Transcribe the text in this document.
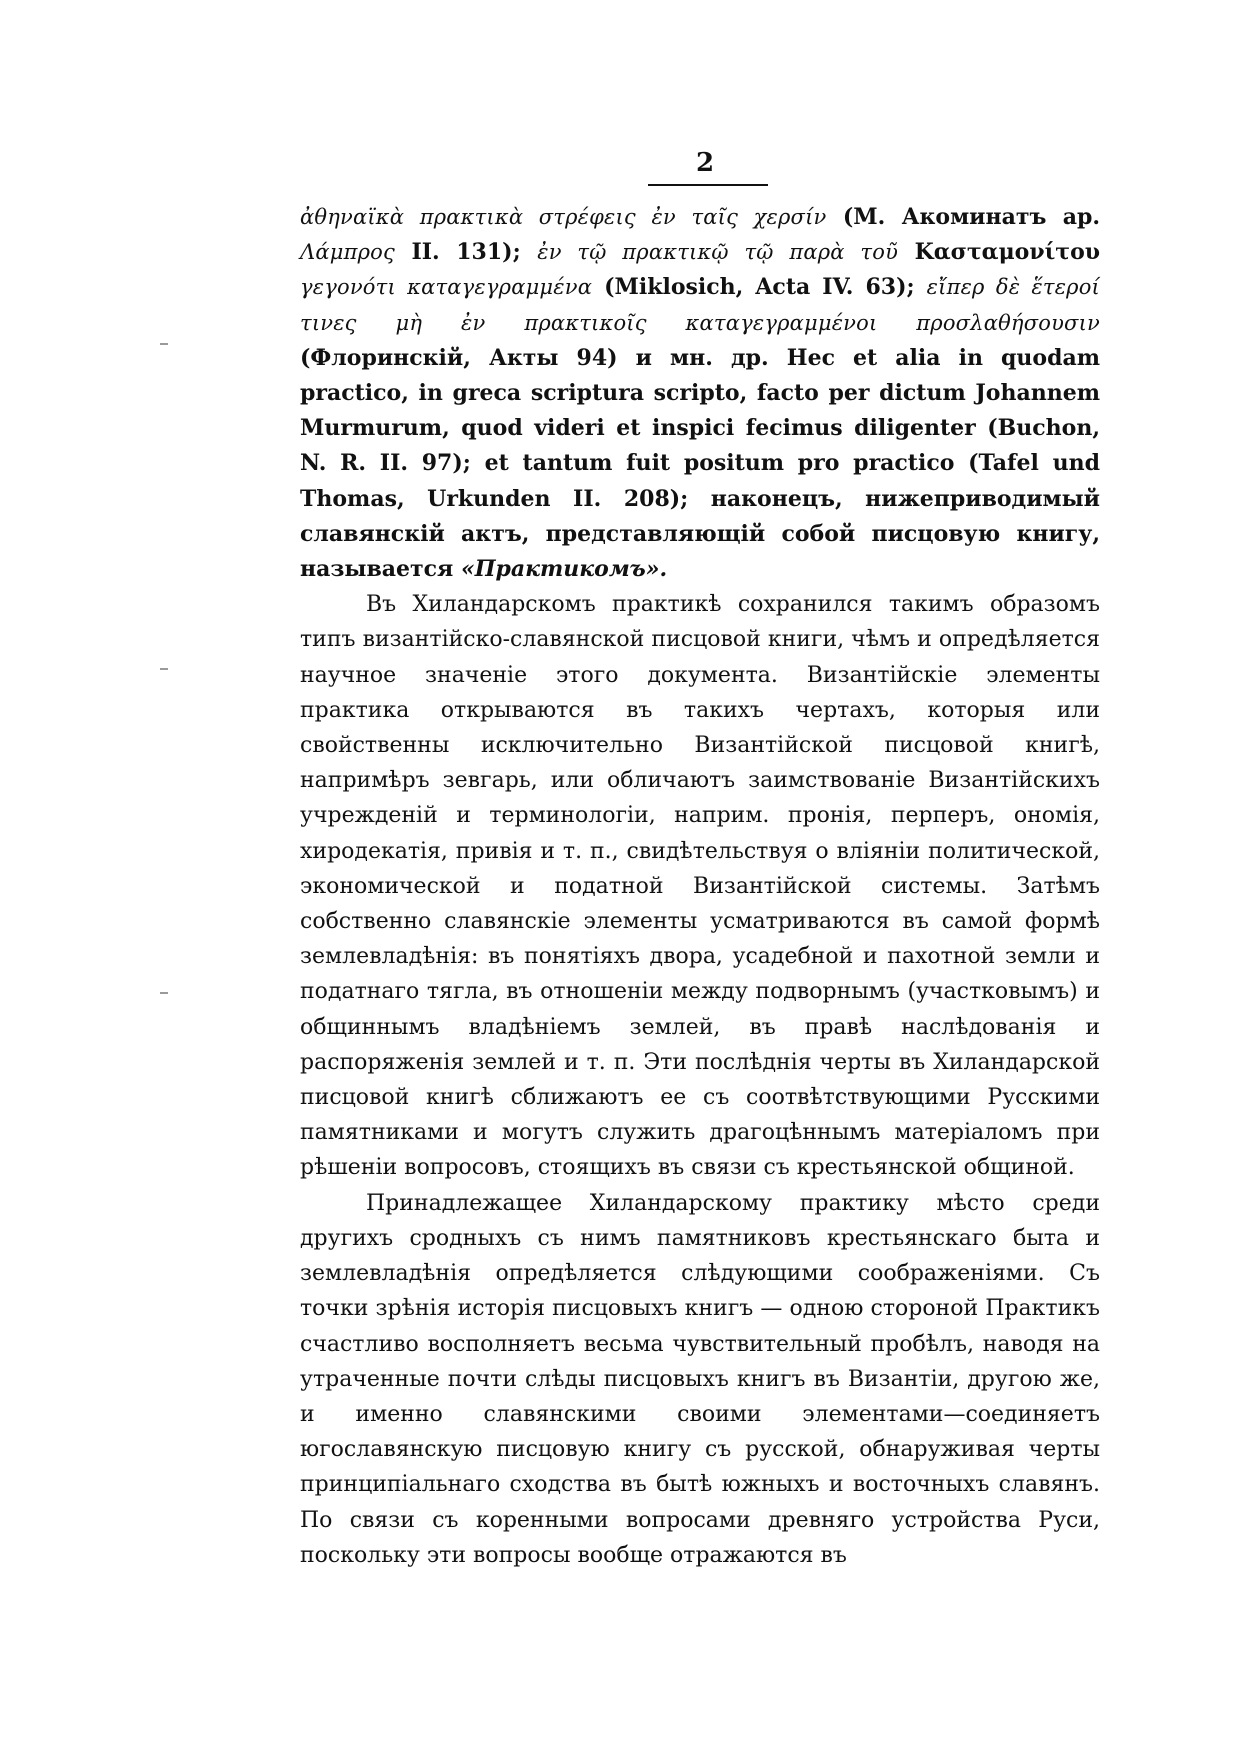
2

ἀθηναϊκὰ πρακτικὰ στρέφεις ἐν ταῖς χερσίν (М. Акоминатъ ар. Λάμπρος II. 131); ἐν τῷ πρακτικῷ τῷ παρὰ τοῦ Κασταμονίτου γεγονότι καταγεγραμμένα (Miklosich, Acta IV. 63); εἴπερ δὲ ἕτεροί τινες μὴ ἐν πρακτικοῖς καταγεγραμμένοι προσλαθήσουσιν (Флоринскій, Акты 94) и мн. др. Hec et alia in quodam practico, in greca scriptura scripto, facto per dictum Johannem Murmurum, quod videri et inspici fecimus diligenter (Buchon, N. R. II. 97); et tantum fuit positum pro practico (Tafel und Thomas, Urkunden II. 208); наконецъ, нижеприводимый славянскій актъ, представляющій собой писцовую книгу, называется «Практикомъ».

Въ Хиландарскомъ практикѣ сохранился такимъ образомъ типъ византійско-славянской писцовой книги, чѣмъ и опредѣляется научное значеніе этого документа. Византійскіе элементы практика открываются въ такихъ чертахъ, которыя или свойственны исключительно Византійской писцовой книгѣ, напримѣръ зевгарь, или обличаютъ заимствованіе Византійскихъ учрежденій и терминологіи, наприм. пронія, перперъ, ономія, хиродекатія, привія и т. п., свидѣтельствуя о вліяніи политической, экономической и податной Византійской системы. Затѣмъ собственно славянскіе элементы усматриваются въ самой формѣ землевладѣнія: въ понятіяхъ двора, усадебной и пахотной земли и податнаго тягла, въ отношеніи между подворнымъ (участковымъ) и общиннымъ владѣніемъ землей, въ правѣ наслѣдованія и распоряженія землей и т. п. Эти послѣднія черты въ Хиландарской писцовой книгѣ сближаютъ ее съ соотвѣтствующими Русскими памятниками и могутъ служить драгоцѣннымъ матеріаломъ при рѣшеніи вопросовъ, стоящихъ въ связи съ крестьянской общиной.

Принадлежащее Хиландарскому практику мѣсто среди другихъ сродныхъ съ нимъ памятниковъ крестьянскаго быта и землевладѣнія опредѣляется слѣдующими соображеніями. Съ точки зрѣнія исторія писцовыхъ книгъ — одною стороной Практикъ счастливо восполняетъ весьма чувствительный пробѣлъ, наводя на утраченные почти слѣды писцовыхъ книгъ въ Византіи, другою же, и именно славянскими своими элементами—соединяетъ югославянскую писцовую книгу съ русской, обнаруживая черты принципіальнаго сходства въ бытѣ южныхъ и восточныхъ славянъ. По связи съ коренными вопросами древняго устройства Руси, поскольку эти вопросы вообще отражаются въ
